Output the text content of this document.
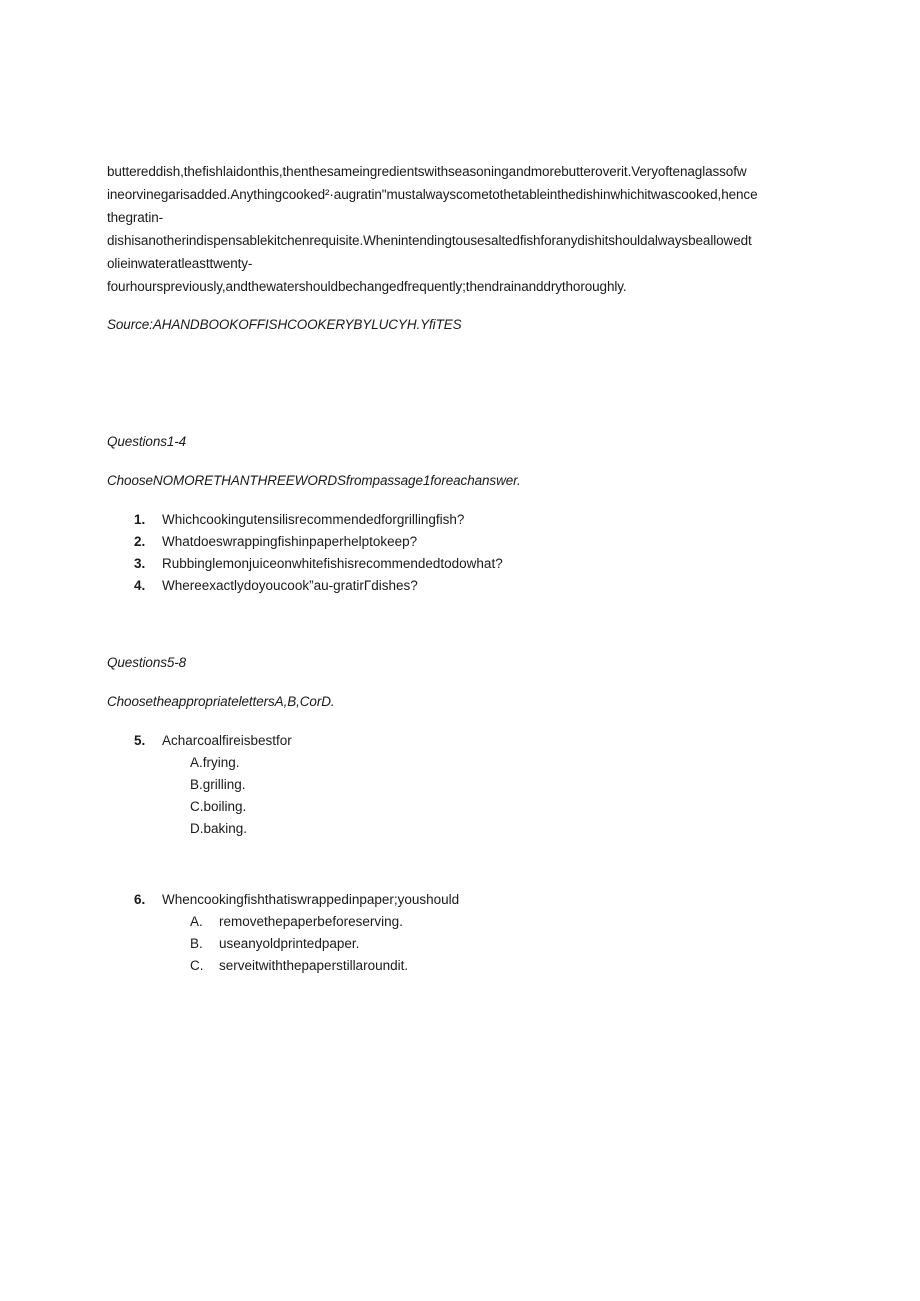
buttereddish,thefishlaidonthis,thenthesameingredientswithseasoningandmorebutteroverit.Veryoftenaglassofw
ineorvinegarisadded.Anythingcooked²·augratin"mustalwayscometothetableinthedishinwhichitwascooked,hence
thegratin-
dishisanotherindispensablekitchenrequisite.Whenintendingtousesaltedfishforanydishitshouldalwaysbeallowedt
olieinwateratleasttwenty-
fourhourspreviously,andthewatershouldbechangedfrequently;thendrainanddrythoroughly.
Source:AHANDBOOKOFFISHCOOKERYBYLUCYH.YfiTES
Questions1-4
ChooseNOMORETHANTHREEWORDSfrompassage1foreachanswer.
1. Whichcookingutensilisrecommendedforgrillingfish?
2. Whatdoeswrappingfishinpaperhelptokeep?
3. Rubbinglemonjuiceonwhitefishisrecommendedtodowhat?
4. Whereexactlydoyoucook”au-gratirΓdishes?
Questions5-8
ChoosetheappropriatelettersA,B,CorD.
5. Acharcoalfireisbestfor
A.frying.
B.grilling.
C.boiling.
D.baking.
6. Whencookingfishthatiswrappedinpaper;youshould
A. removethepaperbeforeserving.
B. useanyoldprintedpaper.
C. serveitwiththepaperstillaroundit.
